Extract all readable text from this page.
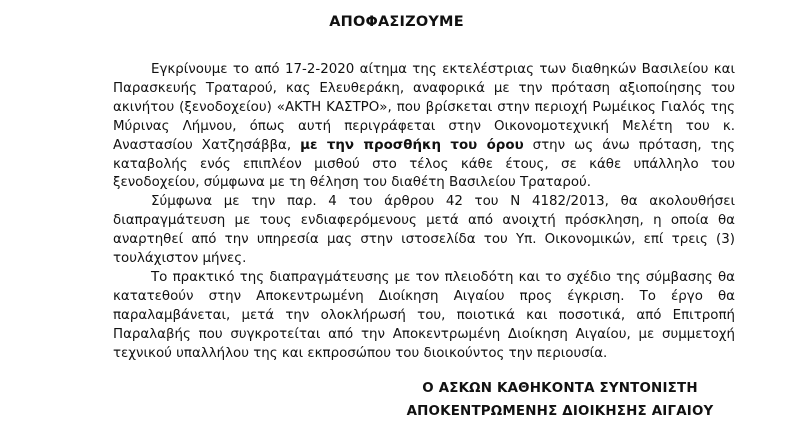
ΑΠΟΦΑΣΙΖΟΥΜΕ

Εγκρίνουμε το από 17-2-2020 αίτημα της εκτελέστριας των διαθηκών Βασιλείου και Παρασκευής Τραταρού, κας Ελευθεράκη, αναφορικά με την πρόταση αξιοποίησης του ακινήτου (ξενοδοχείου) «ΑΚΤΗ ΚΑΣΤΡΟ», που βρίσκεται στην περιοχή Ρωμέικος Γιαλός της Μύρινας Λήμνου, όπως αυτή περιγράφεται στην Οικονομοτεχνική Μελέτη του κ. Αναστασίου Χατζησάββα, με την προσθήκη του όρου στην ως άνω πρόταση, της καταβολής ενός επιπλέον μισθού στο τέλος κάθε έτους, σε κάθε υπάλληλο του ξενοδοχείου, σύμφωνα με τη θέληση του διαθέτη Βασιλείου Τραταρού.

Σύμφωνα με την παρ. 4 του άρθρου 42 του Ν 4182/2013, θα ακολουθήσει διαπραγμάτευση με τους ενδιαφερόμενους μετά από ανοιχτή πρόσκληση, η οποία θα αναρτηθεί από την υπηρεσία μας στην ιστοσελίδα του Υπ. Οικονομικών, επί τρεις (3) τουλάχιστον μήνες.

Το πρακτικό της διαπραγμάτευσης με τον πλειοδότη και το σχέδιο της σύμβασης θα κατατεθούν στην Αποκεντρωμένη Διοίκηση Αιγαίου προς έγκριση. Το έργο θα παραλαμβάνεται, μετά την ολοκλήρωσή του, ποιοτικά και ποσοτικά, από Επιτροπή Παραλαβής που συγκροτείται από την Αποκεντρωμένη Διοίκηση Αιγαίου, με συμμετοχή τεχνικού υπαλλήλου της και εκπροσώπου του διοικούντος την περιουσία.

Ο ΑΣΚΩΝ ΚΑΘΗΚΟΝΤΑ ΣΥΝΤΟΝΙΣΤΗ
ΑΠΟΚΕΝΤΡΩΜΕΝΗΣ ΔΙΟΙΚΗΣΗΣ ΑΙΓΑΙΟΥ
